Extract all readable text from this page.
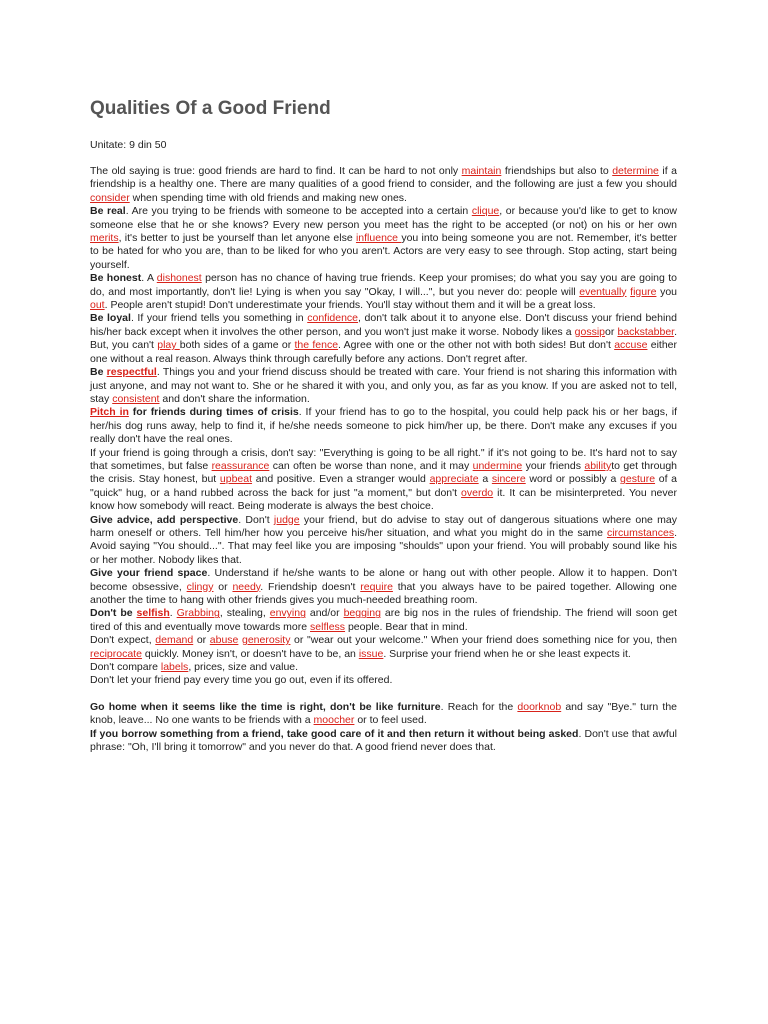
Qualities Of a Good Friend

Unitate: 9 din 50

The old saying is true: good friends are hard to find. It can be hard to not only maintain friendships but also to determine if a friendship is a healthy one. There are many qualities of a good friend to consider, and the following are just a few you should consider when spending time with old friends and making new ones.

Be real. Are you trying to be friends with someone to be accepted into a certain clique, or because you'd like to get to know someone else that he or she knows? Every new person you meet has the right to be accepted (or not) on his or her own merits, it's better to just be yourself than let anyone else influence you into being someone you are not. Remember, it's better to be hated for who you are, than to be liked for who you aren't. Actors are very easy to see through. Stop acting, start being yourself.

Be honest. A dishonest person has no chance of having true friends. Keep your promises; do what you say you are going to do, and most importantly, don't lie! Lying is when you say "Okay, I will...", but you never do: people will eventually figure you out. People aren't stupid! Don't underestimate your friends. You'll stay without them and it will be a great loss.

Be loyal. If your friend tells you something in confidence, don't talk about it to anyone else. Don't discuss your friend behind his/her back except when it involves the other person, and you won't just make it worse. Nobody likes a gossipor backstabber. But, you can't play both sides of a game or the fence. Agree with one or the other not with both sides! But don't accuse either one without a real reason. Always think through carefully before any actions. Don't regret after.

Be respectful. Things you and your friend discuss should be treated with care. Your friend is not sharing this information with just anyone, and may not want to. She or he shared it with you, and only you, as far as you know. If you are asked not to tell, stay consistent and don't share the information.

Pitch in for friends during times of crisis. If your friend has to go to the hospital, you could help pack his or her bags, if her/his dog runs away, help to find it, if he/she needs someone to pick him/her up, be there. Don't make any excuses if you really don't have the real ones.

If your friend is going through a crisis, don't say: "Everything is going to be all right." if it's not going to be. It's hard not to say that sometimes, but false reassurance can often be worse than none, and it may undermine your friends abilityto get through the crisis. Stay honest, but upbeat and positive. Even a stranger would appreciate a sincere word or possibly a gesture of a "quick" hug, or a hand rubbed across the back for just "a moment," but don't overdo it. It can be misinterpreted. You never know how somebody will react. Being moderate is always the best choice.

Give advice, add perspective. Don't judge your friend, but do advise to stay out of dangerous situations where one may harm oneself or others. Tell him/her how you perceive his/her situation, and what you might do in the same circumstances. Avoid saying "You should...". That may feel like you are imposing "shoulds" upon your friend. You will probably sound like his or her mother. Nobody likes that.

Give your friend space. Understand if he/she wants to be alone or hang out with other people. Allow it to happen. Don't become obsessive, clingy or needy. Friendship doesn't require that you always have to be paired together. Allowing one another the time to hang with other friends gives you much-needed breathing room.

Don't be selfish. Grabbing, stealing, envying and/or begging are big nos in the rules of friendship. The friend will soon get tired of this and eventually move towards more selfless people. Bear that in mind.

Don't expect, demand or abuse generosity or "wear out your welcome." When your friend does something nice for you, then reciprocate quickly. Money isn't, or doesn't have to be, an issue. Surprise your friend when he or she least expects it.

Don't compare labels, prices, size and value.

Don't let your friend pay every time you go out, even if its offered.

Go home when it seems like the time is right, don't be like furniture. Reach for the doorknob and say "Bye." turn the knob, leave... No one wants to be friends with a moocher or to feel used.

If you borrow something from a friend, take good care of it and then return it without being asked. Don't use that awful phrase: "Oh, I'll bring it tomorrow" and you never do that. A good friend never does that.
